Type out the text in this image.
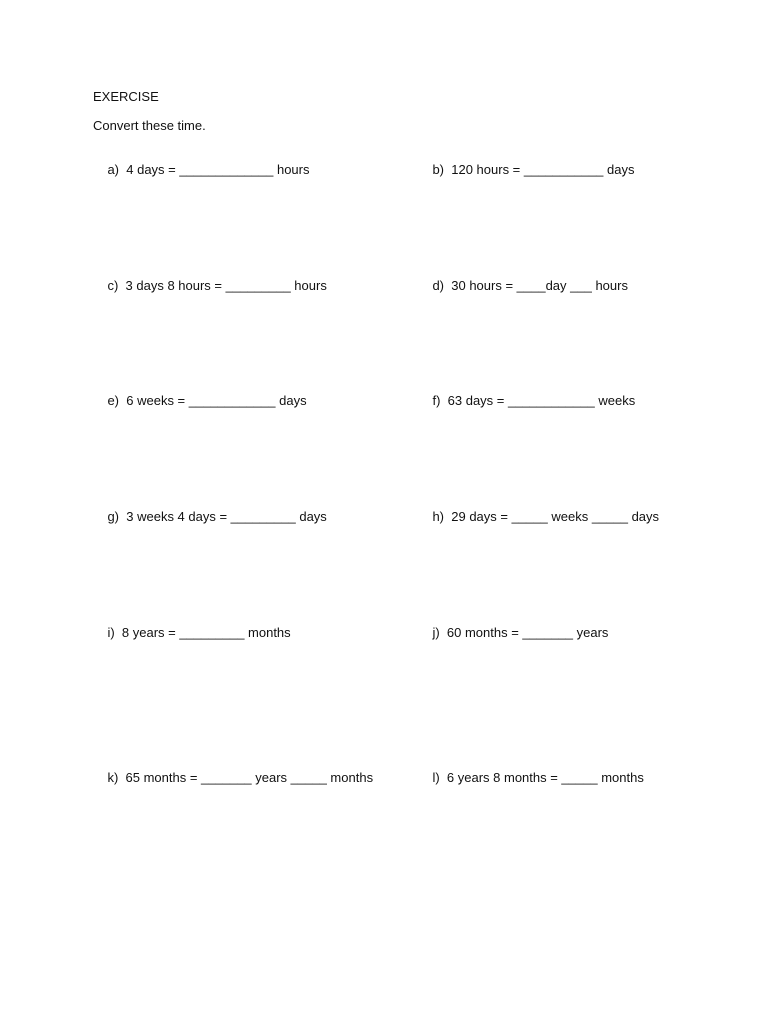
EXERCISE
Convert these time.

a) 4 days = _____________ hours
	b) 120 hours = ___________ days

c) 3 days 8 hours = _________ hours
	d) 30 hours = ____day ___ hours

e) 6 weeks = ____________ days
	f) 63 days = ____________ weeks

g) 3 weeks 4 days = _________ days
	h) 29 days = _____ weeks _____ days

i) 8 years = _________ months
	j) 60 months = _______ years

k) 65 months = _______ years _____ months
	l) 6 years 8 months = _____ months
